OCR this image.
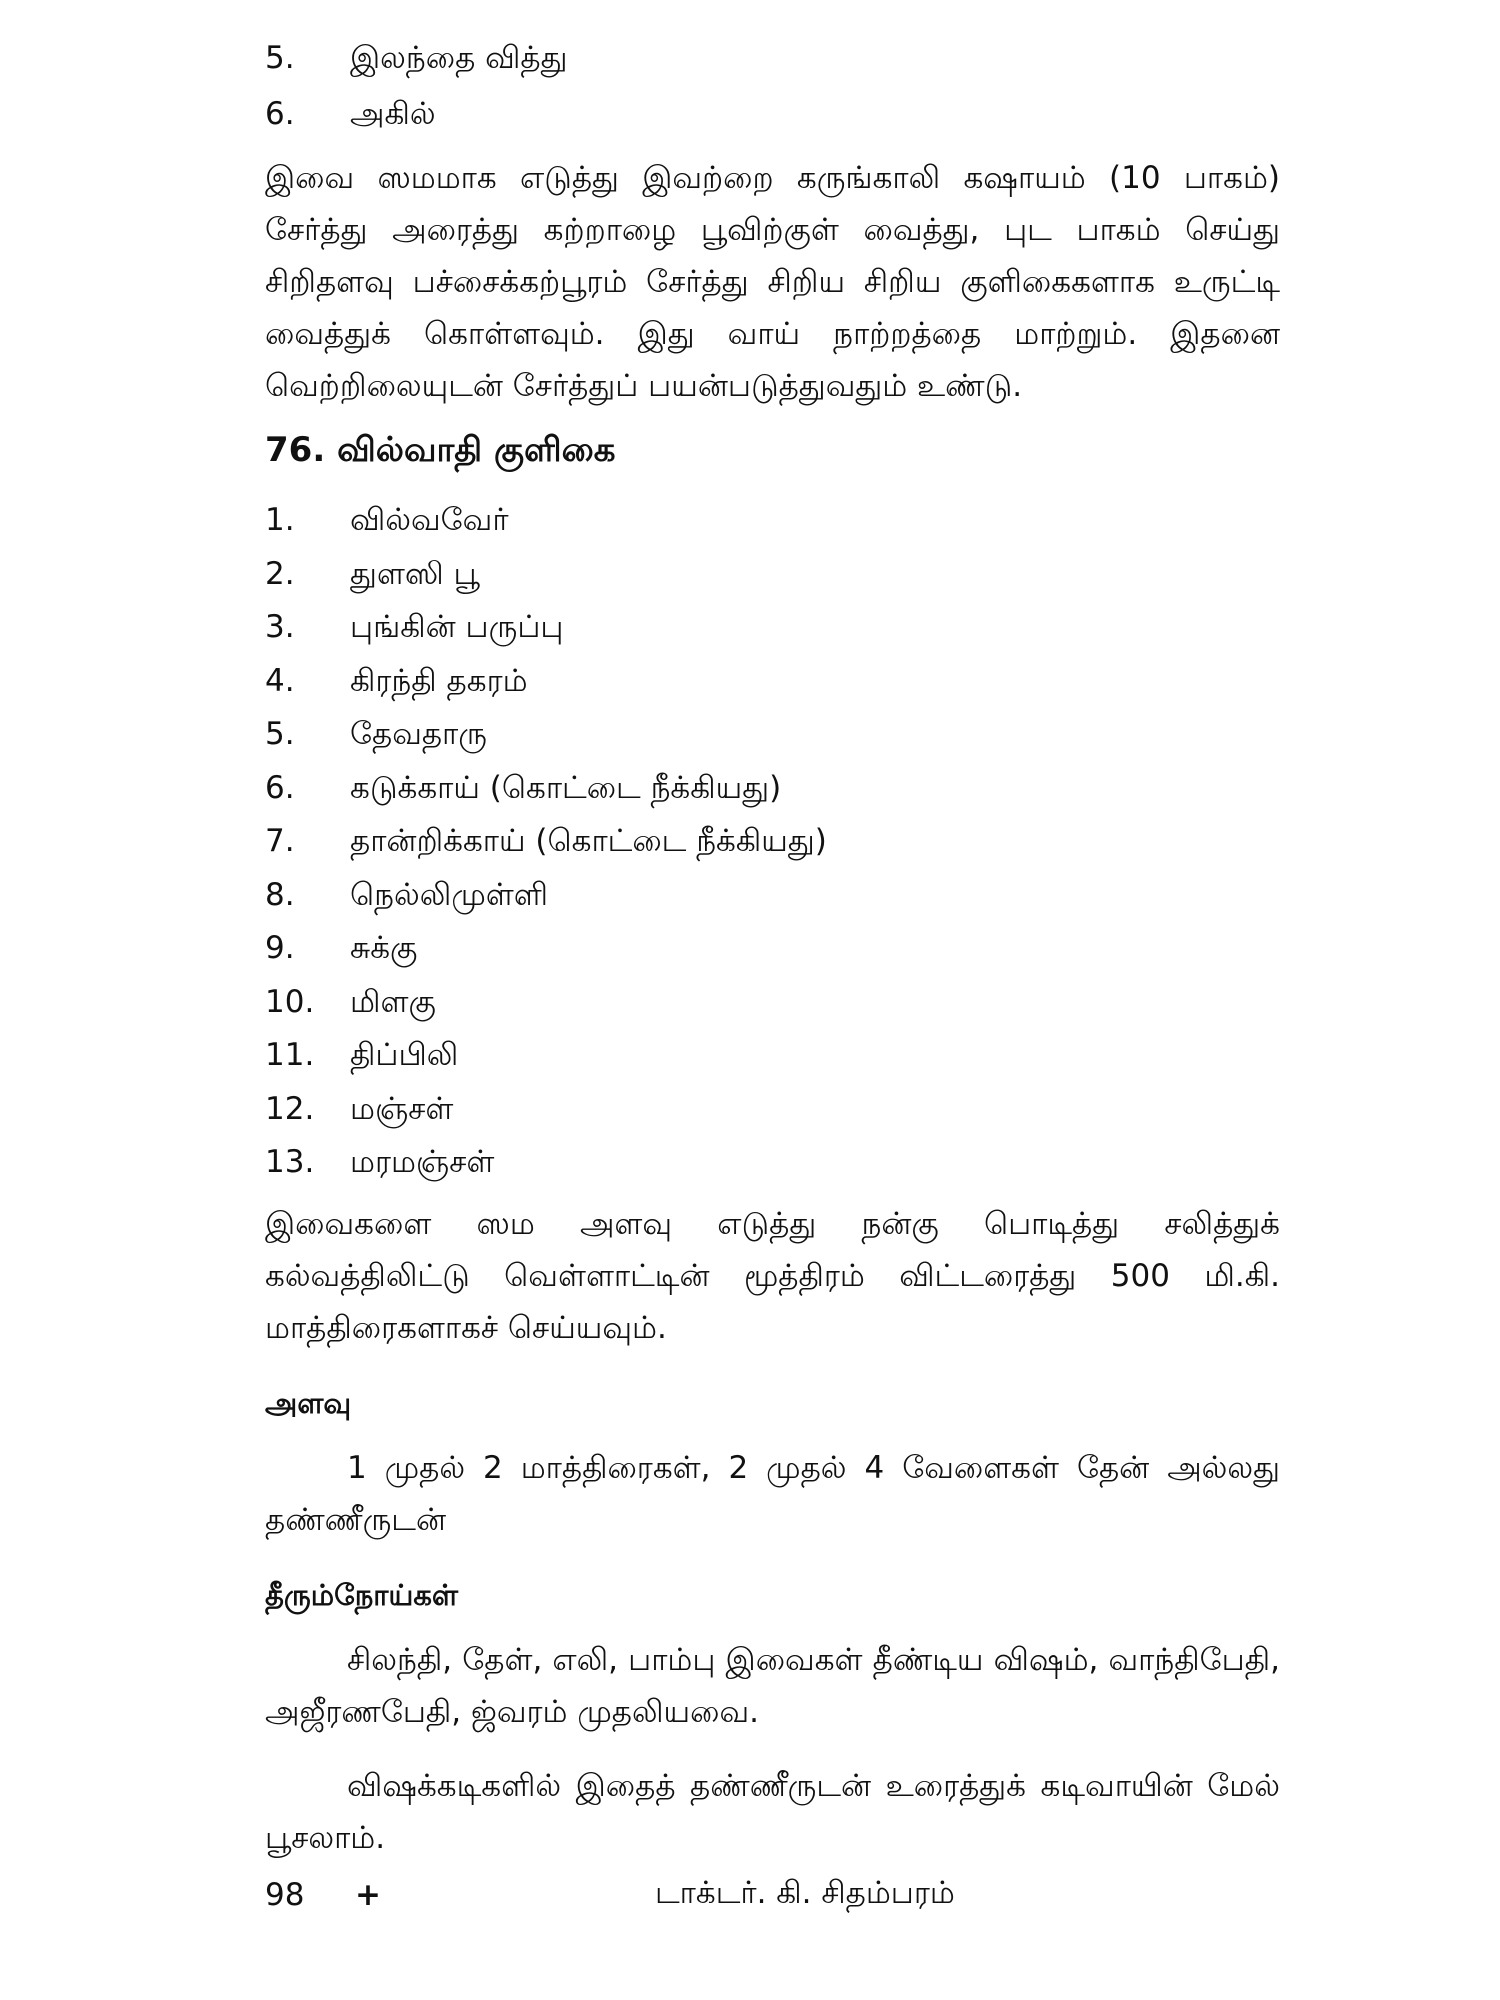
5.	இலந்தை வித்து
6.	அகில்

இவை ஸமமாக எடுத்து இவற்றை கருங்காலி கஷாயம் (10 பாகம்) சேர்த்து அரைத்து கற்றாழை பூவிற்குள் வைத்து, புட பாகம் செய்து சிறிதளவு பச்சைக்கற்பூரம் சேர்த்து சிறிய சிறிய குளிகைகளாக உருட்டி வைத்துக் கொள்ளவும். இது வாய் நாற்றத்தை மாற்றும். இதனை வெற்றிலையுடன் சேர்த்துப் பயன்படுத்துவதும் உண்டு.

76. வில்வாதி குளிகை
1.	வில்வவேர்
2.	துளஸி பூ
3.	புங்கின் பருப்பு
4.	கிரந்தி தகரம்
5.	தேவதாரு
6.	கடுக்காய் (கொட்டை நீக்கியது)
7.	தான்றிக்காய் (கொட்டை நீக்கியது)
8.	நெல்லிமுள்ளி
9.	சுக்கு
10.	மிளகு
11.	திப்பிலி
12.	மஞ்சள்
13.	மரமஞ்சள்

இவைகளை ஸம அளவு எடுத்து நன்கு பொடித்து சலித்துக் கல்வத்திலிட்டு வெள்ளாட்டின் மூத்திரம் விட்டரைத்து 500 மி.கி. மாத்திரைகளாகச் செய்யவும்.

அளவு

1 முதல் 2 மாத்திரைகள், 2 முதல் 4 வேளைகள் தேன் அல்லது தண்ணீருடன்

தீரும்நோய்கள்

சிலந்தி, தேள், எலி, பாம்பு இவைகள் தீண்டிய விஷம், வாந்திபேதி, அஜீரணபேதி, ஜ்வரம் முதலியவை.

விஷக்கடிகளில் இதைத் தண்ணீருடன் உரைத்துக் கடிவாயின் மேல் பூசலாம்.

98	+	டாக்டர். கி. சிதம்பரம்
